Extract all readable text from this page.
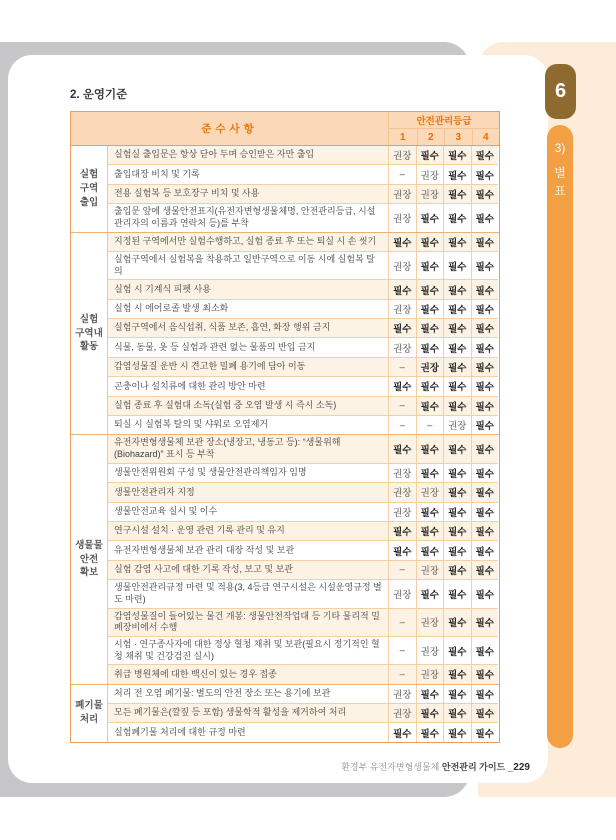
6
3)
별
표
2. 운영기준
준수사항
안전관리등급
1	2	3	4
실험
구역
출입
실험실 출입문은 항상 닫아 두며 승인받은 자만 출입	권장 필수 필수 필수
출입대장 비치 및 기록	–	권장 필수 필수
전용 실험복 등 보호장구 비치 및 사용	권장 권장 필수 필수
출입문 앞에 생물안전표지(유전자변형생물체명, 안전관리등급, 시설관리자의 이름과 연락처 등)를 부착	권장 필수 필수 필수
실험
구역내
활동
지정된 구역에서만 실험수행하고, 실험 종료 후 또는 퇴실 시 손 씻기	필수 필수 필수 필수
실험구역에서 실험복을 착용하고 일반구역으로 이동 시에 실험복 탈의	권장 필수 필수 필수
실험 시 기계식 피펫 사용	필수 필수 필수 필수
실험 시 에어로졸 발생 최소화	권장 필수 필수 필수
실험구역에서 음식섭취, 식품 보존, 흡연, 화장 행위 금지	필수 필수 필수 필수
식물, 동물, 옷 등 실험과 관련 없는 물품의 반입 금지	권장 필수 필수 필수
감염성물질 운반 시 견고한 밀폐 용기에 담아 이동	–	권장 필수 필수
곤충이나 설치류에 대한 관리 방안 마련	필수 필수 필수 필수
실험 종료 후 실험대 소독(실험 중 오염 발생 시 즉시 소독)	–	필수 필수 필수
퇴실 시 실험복 탈의 및 샤워로 오염제거	–	–	권장 필수
생물물
안전
확보
유전자변형생물체 보관 장소(냉장고, 냉동고 등): “생물위해(Biohazard)” 표시 등 부착	필수 필수 필수 필수
생물안전위원회 구성 및 생물안전관리책임자 임명	권장 필수 필수 필수
생물안전관리자 지정	권장 권장 필수 필수
생물안전교육 실시 및 이수	권장 필수 필수 필수
연구시설 설치 · 운영 관련 기록 관리 및 유지	필수 필수 필수 필수
유전자변형생물체 보관 관리 대장 작성 및 보관	필수 필수 필수 필수
실험 감염 사고에 대한 기록 작성, 보고 및 보관	–	권장 필수 필수
생물안전관리규정 마련 및 적용(3, 4등급 연구시설은 시설운영규정 별도 마련)	권장 필수 필수 필수
감염성물질이 들어있는 물건 개봉: 생물안전작업대 등 기타 물리적 밀폐장비에서 수행	–	권장 필수 필수
시험 · 연구종사자에 대한 정상 혈청 채취 및 보관(필요시 정기적인 혈청 채취 및 건강검진 실시)	–	권장 필수 필수
취급 병원체에 대한 백신이 있는 경우 접종	–	권장 필수 필수
폐기물
처리
처리 전 오염 폐기물: 별도의 안전 장소 또는 용기에 보관	권장 필수 필수 필수
모든 폐기물은(깔짚 등 포함) 생물학적 활성을 제거하여 처리	권장 필수 필수 필수
실험폐기물 처리에 대한 규정 마련	필수 필수 필수 필수
환경부 유전자변형생물체 안전관리 가이드 _229
